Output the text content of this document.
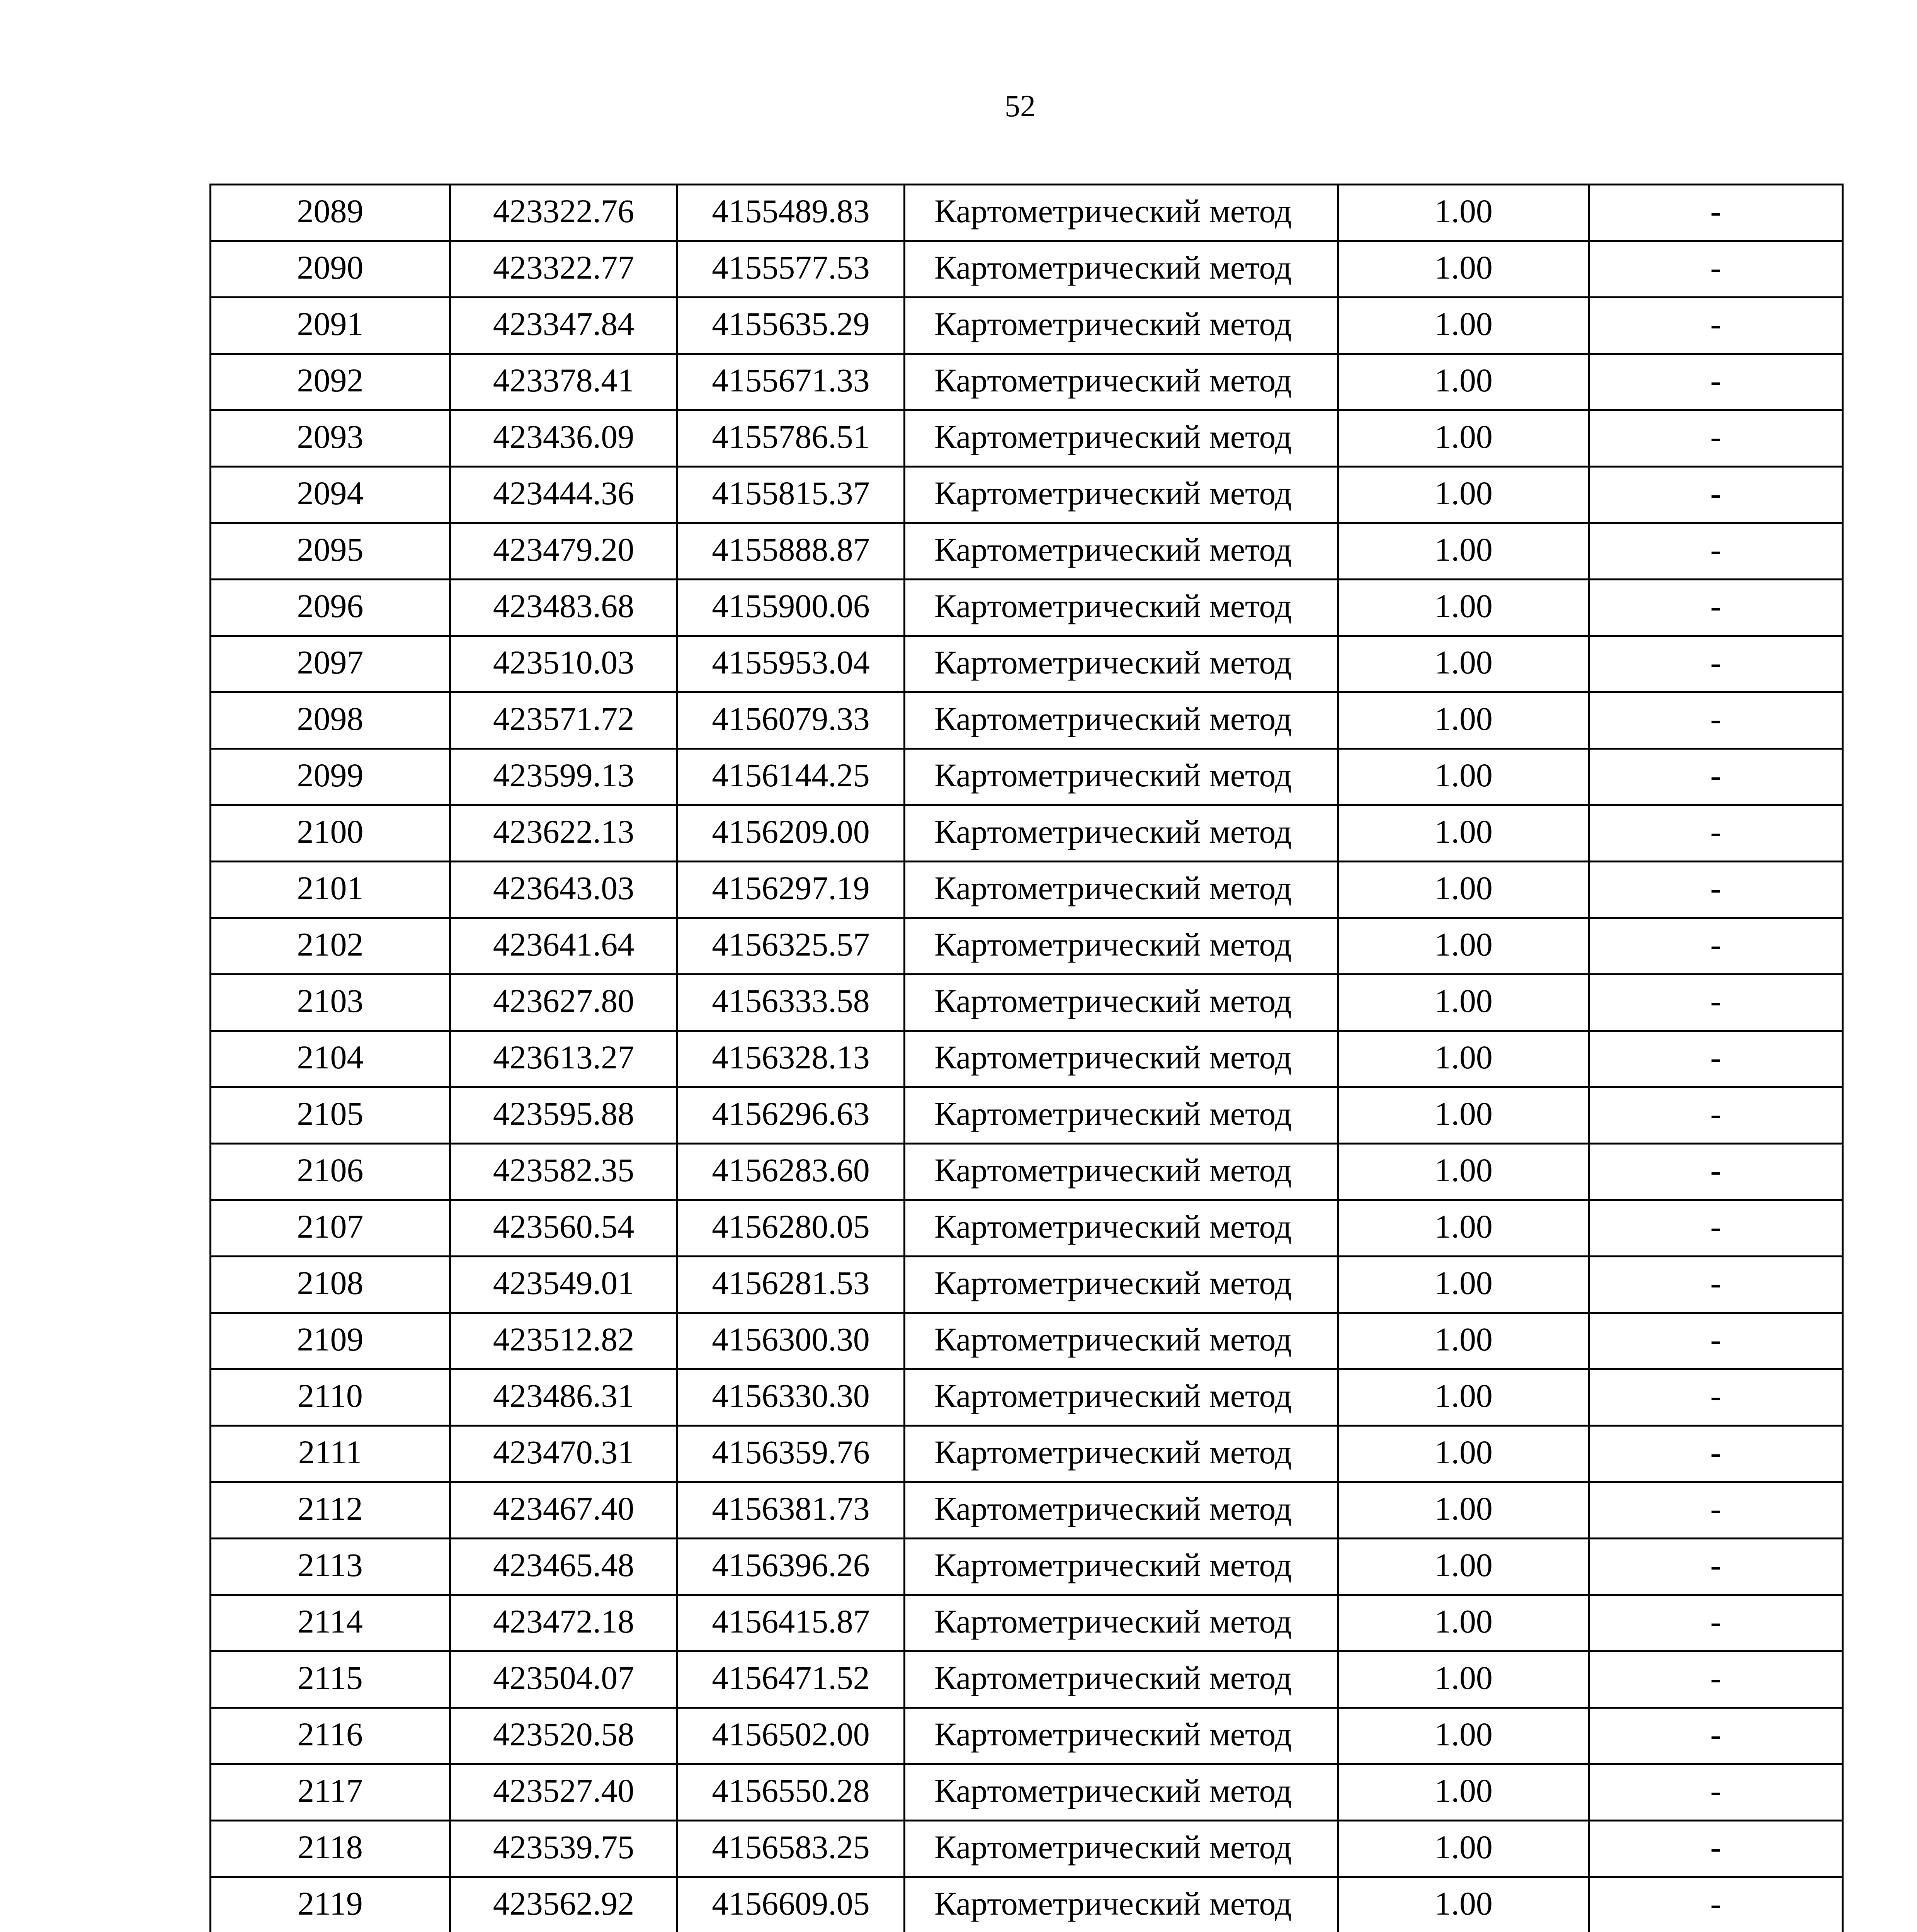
52
2089	423322.76	4155489.83	Картометрический метод	1.00	-
2090	423322.77	4155577.53	Картометрический метод	1.00	-
2091	423347.84	4155635.29	Картометрический метод	1.00	-
2092	423378.41	4155671.33	Картометрический метод	1.00	-
2093	423436.09	4155786.51	Картометрический метод	1.00	-
2094	423444.36	4155815.37	Картометрический метод	1.00	-
2095	423479.20	4155888.87	Картометрический метод	1.00	-
2096	423483.68	4155900.06	Картометрический метод	1.00	-
2097	423510.03	4155953.04	Картометрический метод	1.00	-
2098	423571.72	4156079.33	Картометрический метод	1.00	-
2099	423599.13	4156144.25	Картометрический метод	1.00	-
2100	423622.13	4156209.00	Картометрический метод	1.00	-
2101	423643.03	4156297.19	Картометрический метод	1.00	-
2102	423641.64	4156325.57	Картометрический метод	1.00	-
2103	423627.80	4156333.58	Картометрический метод	1.00	-
2104	423613.27	4156328.13	Картометрический метод	1.00	-
2105	423595.88	4156296.63	Картометрический метод	1.00	-
2106	423582.35	4156283.60	Картометрический метод	1.00	-
2107	423560.54	4156280.05	Картометрический метод	1.00	-
2108	423549.01	4156281.53	Картометрический метод	1.00	-
2109	423512.82	4156300.30	Картометрический метод	1.00	-
2110	423486.31	4156330.30	Картометрический метод	1.00	-
2111	423470.31	4156359.76	Картометрический метод	1.00	-
2112	423467.40	4156381.73	Картометрический метод	1.00	-
2113	423465.48	4156396.26	Картометрический метод	1.00	-
2114	423472.18	4156415.87	Картометрический метод	1.00	-
2115	423504.07	4156471.52	Картометрический метод	1.00	-
2116	423520.58	4156502.00	Картометрический метод	1.00	-
2117	423527.40	4156550.28	Картометрический метод	1.00	-
2118	423539.75	4156583.25	Картометрический метод	1.00	-
2119	423562.92	4156609.05	Картометрический метод	1.00	-
